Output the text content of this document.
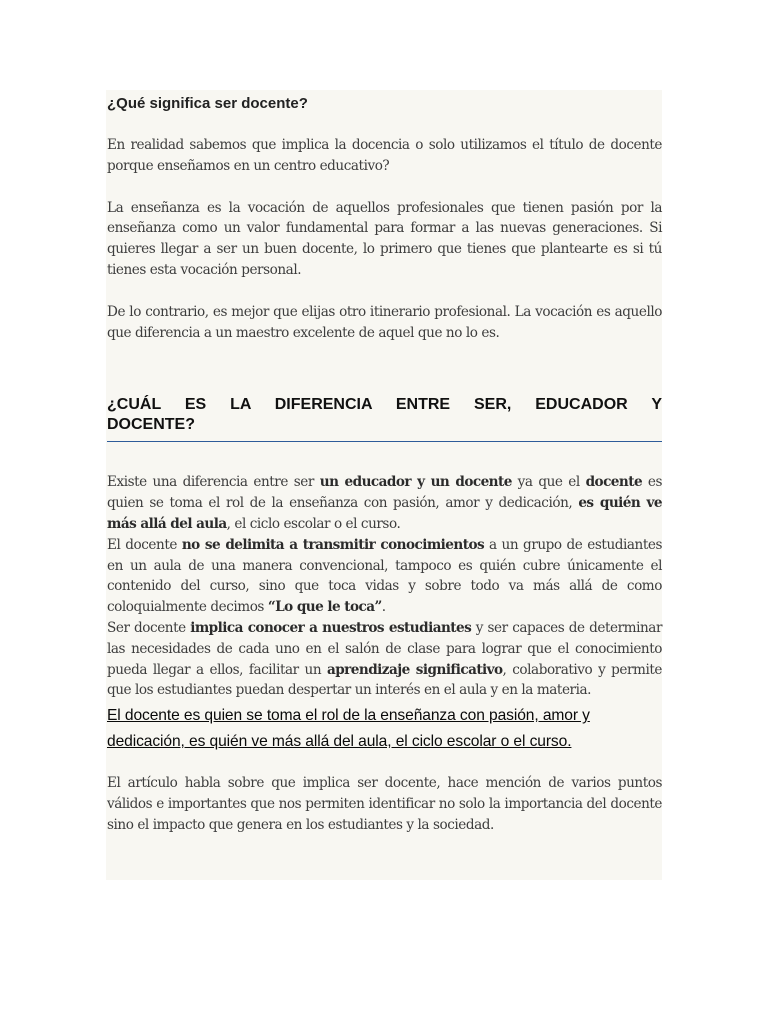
¿Qué significa ser docente?

En realidad sabemos que implica la docencia o solo utilizamos el título de docente porque enseñamos en un centro educativo?

La enseñanza es la vocación de aquellos profesionales que tienen pasión por la enseñanza como un valor fundamental para formar a las nuevas generaciones. Si quieres llegar a ser un buen docente, lo primero que tienes que plantearte es si tú tienes esta vocación personal.

De lo contrario, es mejor que elijas otro itinerario profesional. La vocación es aquello que diferencia a un maestro excelente de aquel que no lo es.

¿CUÁL ES LA DIFERENCIA ENTRE SER, EDUCADOR Y DOCENTE?

Existe una diferencia entre ser un educador y un docente ya que el docente es quien se toma el rol de la enseñanza con pasión, amor y dedicación, es quién ve más allá del aula, el ciclo escolar o el curso.

El docente no se delimita a transmitir conocimientos a un grupo de estudiantes en un aula de una manera convencional, tampoco es quién cubre únicamente el contenido del curso, sino que toca vidas y sobre todo va más allá de como coloquialmente decimos “Lo que le toca”.

Ser docente implica conocer a nuestros estudiantes y ser capaces de determinar las necesidades de cada uno en el salón de clase para lograr que el conocimiento pueda llegar a ellos, facilitar un aprendizaje significativo, colaborativo y permite que los estudiantes puedan despertar un interés en el aula y en la materia.

El docente es quien se toma el rol de la enseñanza con pasión, amor y dedicación, es quién ve más allá del aula, el ciclo escolar o el curso.

El artículo habla sobre que implica ser docente, hace mención de varios puntos válidos e importantes que nos permiten identificar no solo la importancia del docente sino el impacto que genera en los estudiantes y la sociedad.
